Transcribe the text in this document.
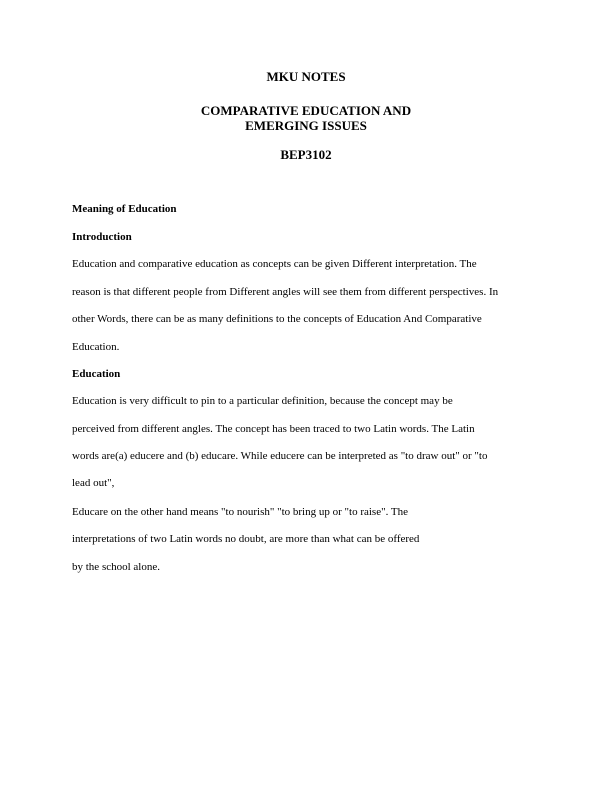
MKU NOTES
COMPARATIVE EDUCATION AND
EMERGING ISSUES
BEP3102
Meaning of Education
Introduction
Education and comparative education as concepts can be given Different interpretation. The
reason is that different people from Different angles will see them from different perspectives. In
other Words, there can be as many definitions to the concepts of Education And Comparative
Education.
Education
Education is very difficult to pin to a particular definition, because the concept may be
perceived from different angles. The concept has been traced to two Latin words. The Latin
words are(a) educere and (b) educare. While educere can be interpreted as "to draw out" or "to
lead out",
Educare on the other hand means "to nourish" "to bring up or "to raise". The
interpretations of two Latin words no doubt, are more than what can be offered
by the school alone.
